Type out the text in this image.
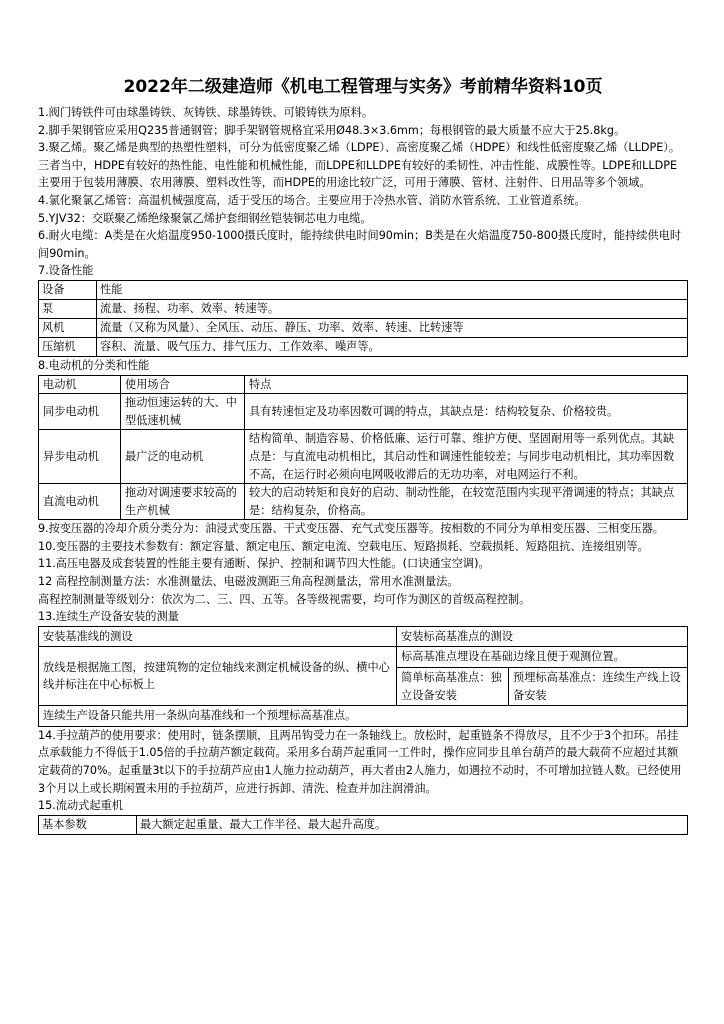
2022年二级建造师《机电工程管理与实务》考前精华资料10页

1.阀门铸铁件可由球墨铸铁、灰铸铁、球墨铸铁、可锻铸铁为原料。

2.脚手架钢管应采用Q235普通钢管；脚手架钢管规格宜采用Ø48.3×3.6mm；每根钢管的最大质量不应大于25.8kg。

3.聚乙烯。聚乙烯是典型的热塑性塑料，可分为低密度聚乙烯（LDPE）、高密度聚乙烯（HDPE）和线性低密度聚乙烯（LLDPE）。三者当中，HDPE有较好的热性能、电性能和机械性能，而LDPE和LLDPE有较好的柔韧性、冲击性能、成膜性等。LDPE和LLDPE主要用于包装用薄膜、农用薄膜、塑料改性等，而HDPE的用途比较广泛，可用于薄膜、管材、注射件、日用品等多个领域。

4.氯化聚氯乙烯管：高温机械强度高，适于受压的场合。主要应用于冷热水管、消防水管系统、工业管道系统。

5.YJV32：交联聚乙烯绝缘聚氯乙烯护套细钢丝铠装铜芯电力电缆。

6.耐火电缆：A类是在火焰温度950-1000摄氏度时，能持续供电时间90min；B类是在火焰温度750-800摄氏度时，能持续供电时间90min。

7.设备性能

设备	性能
泵	流量、扬程、功率、效率、转速等。
风机	流量（又称为风量）、全风压、动压、静压、功率、效率、转速、比转速等
压缩机	容积、流量、吸气压力、排气压力、工作效率、噪声等。

8.电动机的分类和性能

电动机	使用场合	特点
同步电动机	拖动恒速运转的大、中型低速机械	具有转速恒定及功率因数可调的特点，其缺点是：结构较复杂、价格较贵。
异步电动机	最广泛的电动机	结构简单、制造容易、价格低廉、运行可靠、维护方便、坚固耐用等一系列优点。其缺点是：与直流电动机相比，其启动性和调速性能较差；与同步电动机相比，其功率因数不高，在运行时必须向电网吸收滞后的无功功率，对电网运行不利。
直流电动机	拖动对调速要求较高的生产机械	较大的启动转矩和良好的启动、制动性能，在较宽范围内实现平滑调速的特点；其缺点是：结构复杂，价格高。

9.按变压器的冷却介质分类分为：油浸式变压器、干式变压器、充气式变压器等。按相数的不同分为单相变压器、三相变压器。

10.变压器的主要技术参数有：额定容量、额定电压、额定电流、空载电压、短路损耗、空载损耗、短路阻抗、连接组别等。

11.高压电器及成套装置的性能主要有通断、保护、控制和调节四大性能。(口诀通宝空调)。

12 高程控制测量方法：水准测量法、电磁波测距三角高程测量法，常用水准测量法。

高程控制测量等级划分：依次为二、三、四、五等。各等级视需要，均可作为测区的首级高程控制。

13.连续生产设备安装的测量

安装基准线的测设	安装标高基准点的测设	
放线是根据施工图，按建筑物的定位轴线来测定机械设备的纵、横中心线并标注在中心标板上	标高基准点埋设在基础边缘且便于观测位置。	
	简单标高基准点：独立设备安装	预埋标高基准点：连续生产线上设备安装
连续生产设备只能共用一条纵向基准线和一个预埋标高基准点。		

14.手拉葫芦的使用要求：使用时，链条摆顺，且两吊钩受力在一条轴线上。放松时，起重链条不得放尽，且不少于3个扣环。吊挂点承载能力不得低于1.05倍的手拉葫芦额定载荷。采用多台葫芦起重同一工件时，操作应同步且单台葫芦的最大载荷不应超过其额定载荷的70%。起重量3t以下的手拉葫芦应由1人施力拉动葫芦，再大者由2人施力，如遇拉不动时，不可增加拉链人数。已经使用3个月以上或长期闲置未用的手拉葫芦，应进行拆卸、清洗、检查并加注润滑油。

15.流动式起重机

基本参数	最大额定起重量、最大工作半径、最大起升高度。
